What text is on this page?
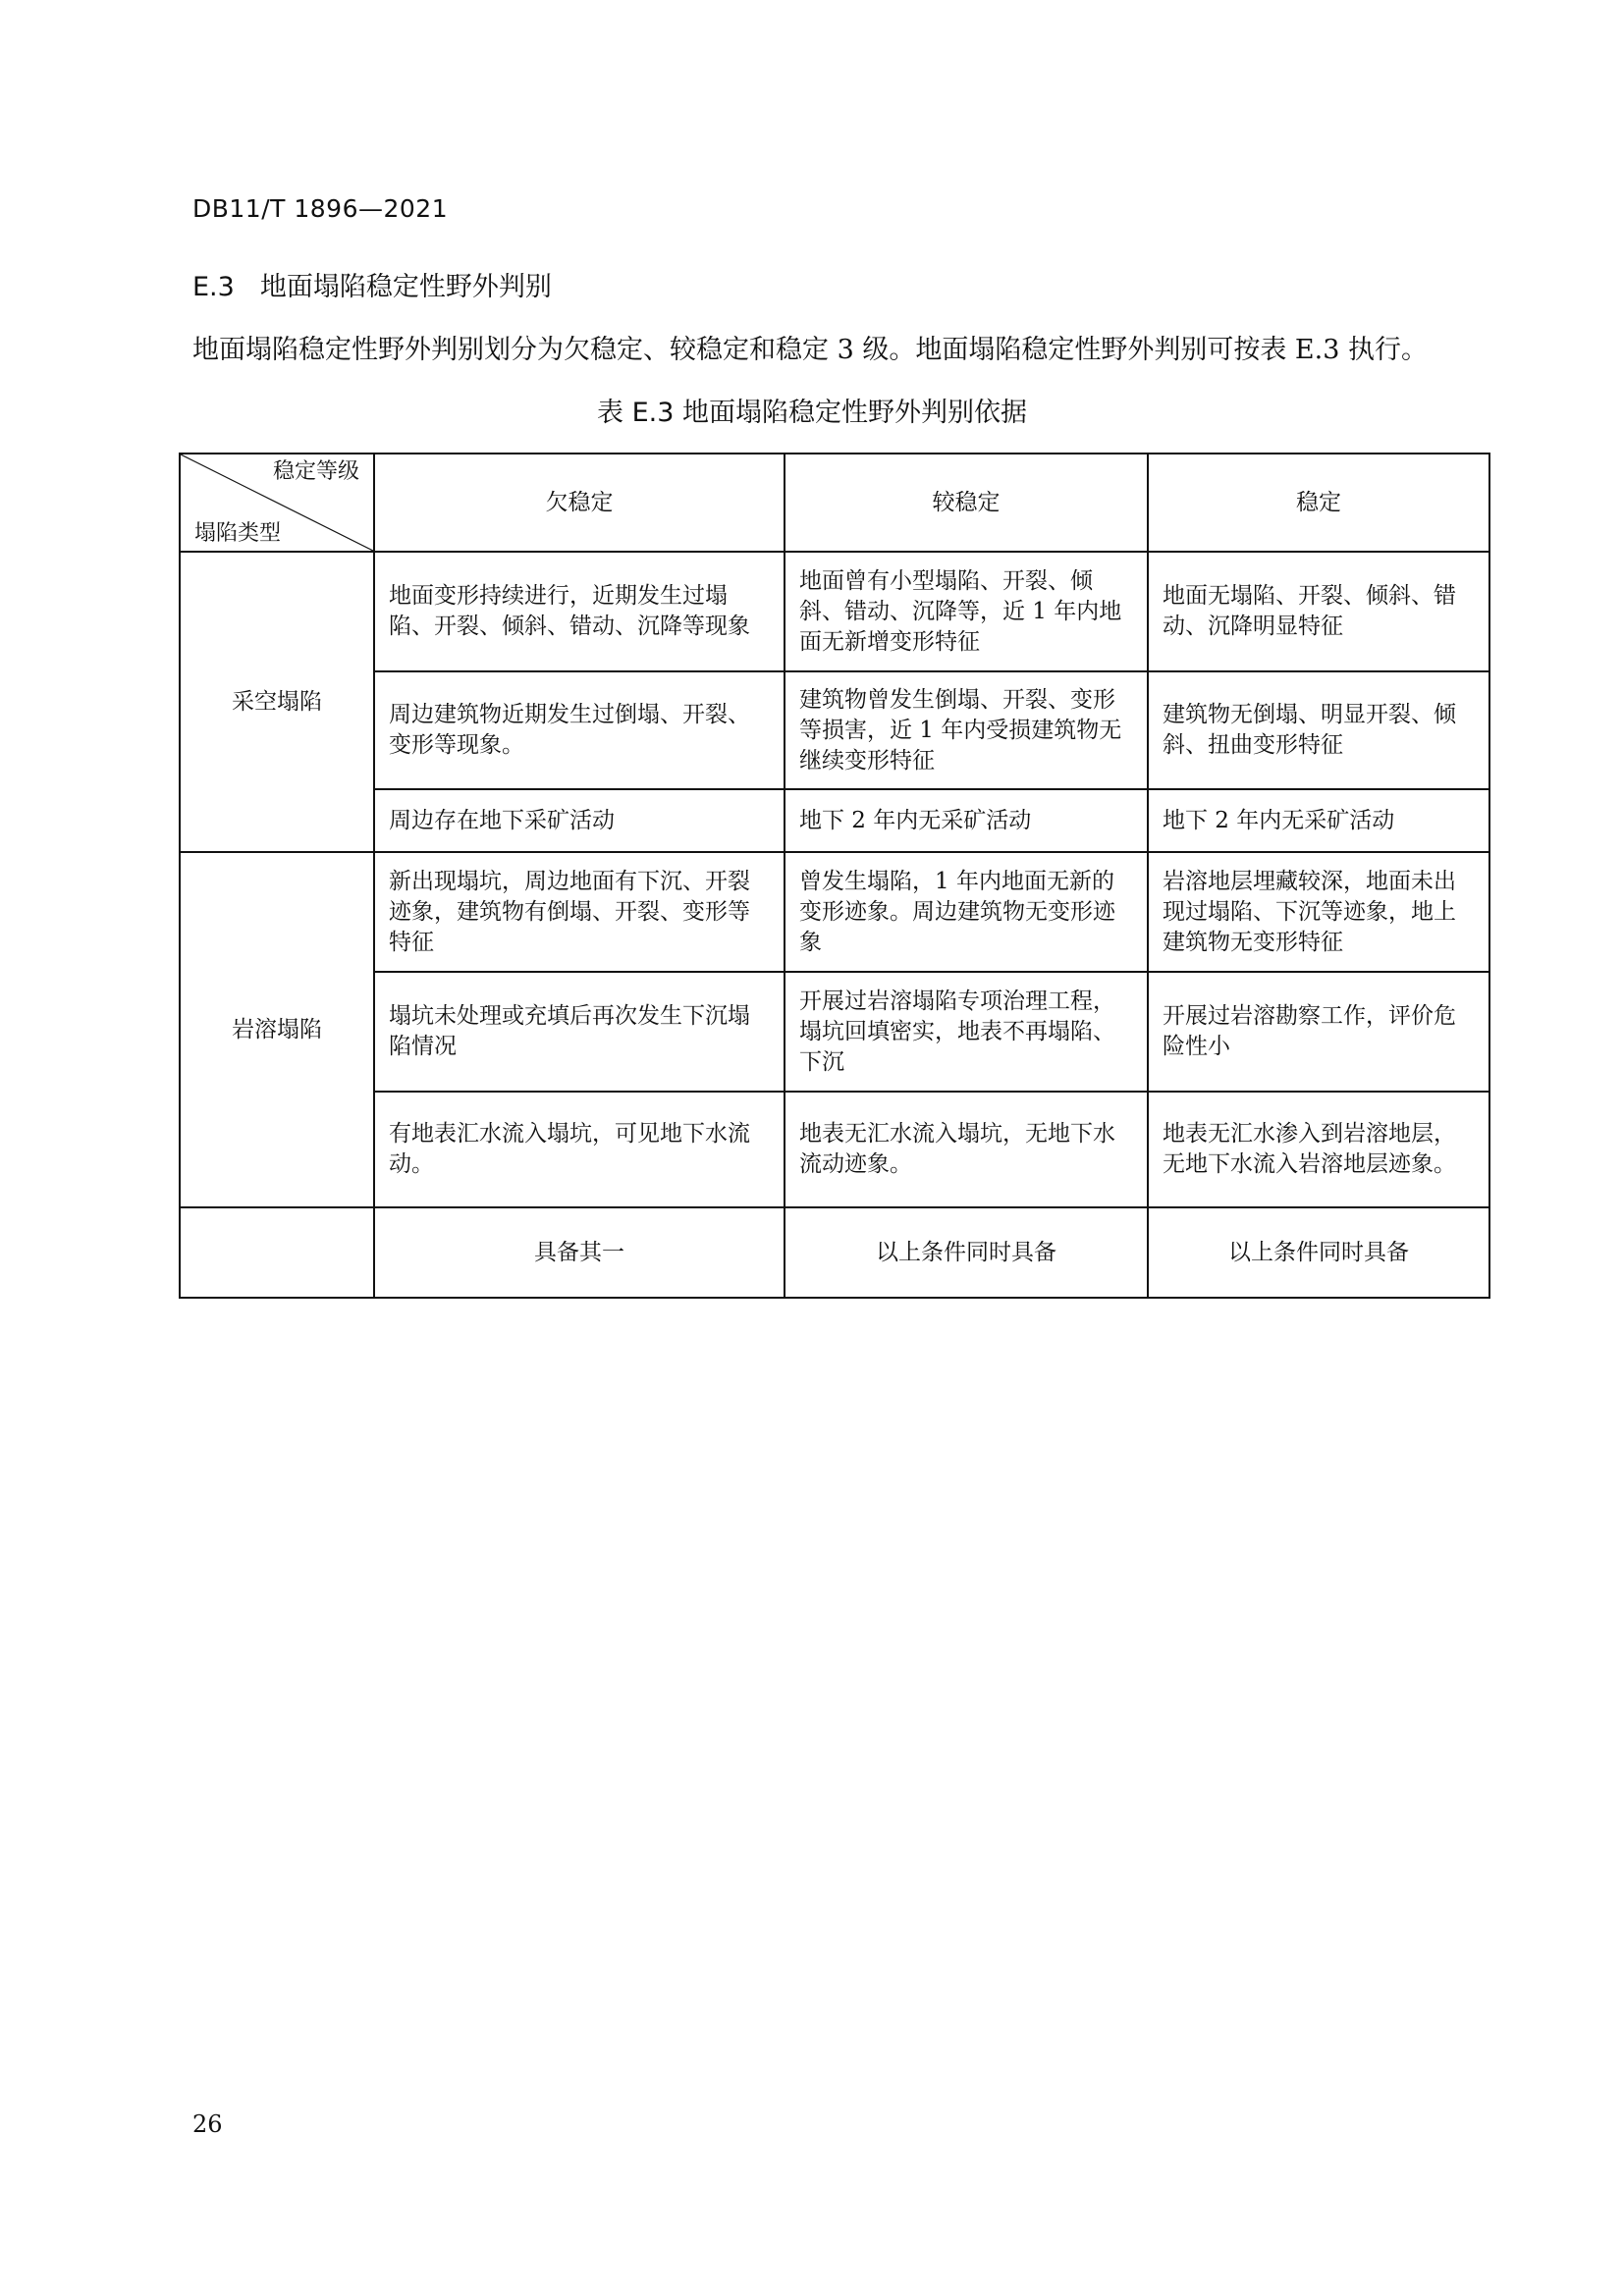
DB11/T 1896—2021
E.3 地面塌陷稳定性野外判别
地面塌陷稳定性野外判别划分为欠稳定、较稳定和稳定 3 级。地面塌陷稳定性野外判别可按表 E.3 执行。
表 E.3 地面塌陷稳定性野外判别依据
稳定等级
塌陷类型	欠稳定	较稳定	稳定
采空塌陷	地面变形持续进行，近期发生过塌陷、开裂、倾斜、错动、沉降等现象	地面曾有小型塌陷、开裂、倾斜、错动、沉降等，近 1 年内地面无新增变形特征	地面无塌陷、开裂、倾斜、错动、沉降明显特征
	周边建筑物近期发生过倒塌、开裂、变形等现象。	建筑物曾发生倒塌、开裂、变形等损害，近 1 年内受损建筑物无继续变形特征	建筑物无倒塌、明显开裂、倾斜、扭曲变形特征
	周边存在地下采矿活动	地下 2 年内无采矿活动	地下 2 年内无采矿活动
岩溶塌陷	新出现塌坑，周边地面有下沉、开裂迹象，建筑物有倒塌、开裂、变形等特征	曾发生塌陷，1 年内地面无新的变形迹象。周边建筑物无变形迹象	岩溶地层埋藏较深，地面未出现过塌陷、下沉等迹象，地上建筑物无变形特征
	塌坑未处理或充填后再次发生下沉塌陷情况	开展过岩溶塌陷专项治理工程，塌坑回填密实，地表不再塌陷、下沉	开展过岩溶勘察工作，评价危险性小
	有地表汇水流入塌坑，可见地下水流动。	地表无汇水流入塌坑，无地下水流动迹象。	地表无汇水渗入到岩溶地层，无地下水流入岩溶地层迹象。
	具备其一	以上条件同时具备	以上条件同时具备
26
